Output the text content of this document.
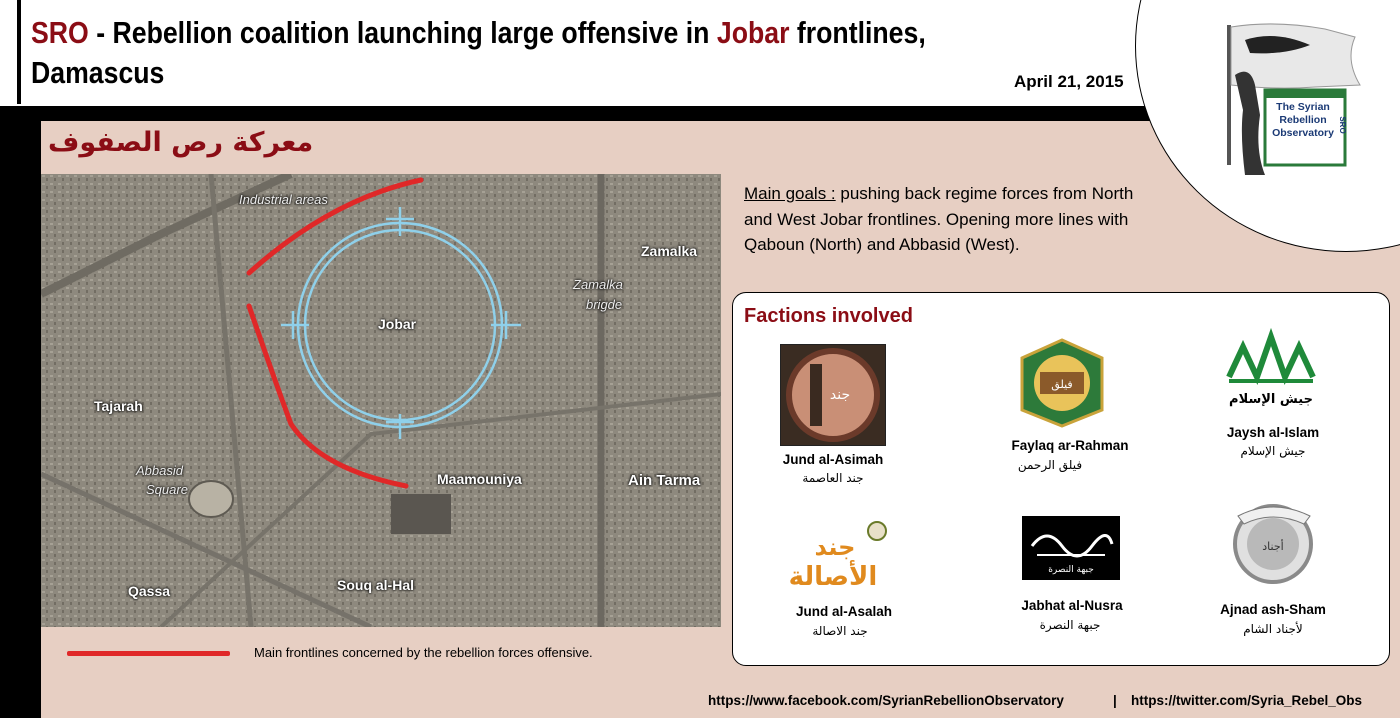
SRO - Rebellion coalition launching large offensive in Jobar frontlines,
Damascus	April 21, 2015
The Syrian
Rebellion
Observatory SRO
معركة رص الصفوف
Industrial areas
Zamalka
Zamalka
brigde
Jobar
Tajarah
Abbasid
Square
Maamouniya	Ain Tarma
Qassa	Souq al-Hal
Main frontlines concerned by the rebellion forces offensive.
Main goals : pushing back regime forces from North
and West Jobar frontlines. Opening more lines with
Qaboun (North) and Abbasid (West).
Factions involved
جند
Jund al-Asimah
جند العاصمة
فيلق
Faylaq ar-Rahman
فيلق الرحمن
جيش الإسلام
Jaysh al-Islam
جيش الإسلام
جند
الأصالة
Jund al-Asalah
جند الاصالة
جبهة النصرة
Jabhat al-Nusra
جبهة النصرة
أجناد
Ajnad ash-Sham
لأجناد الشام
https://www.facebook.com/SyrianRebellionObservatory	| https://twitter.com/Syria_Rebel_Obs
